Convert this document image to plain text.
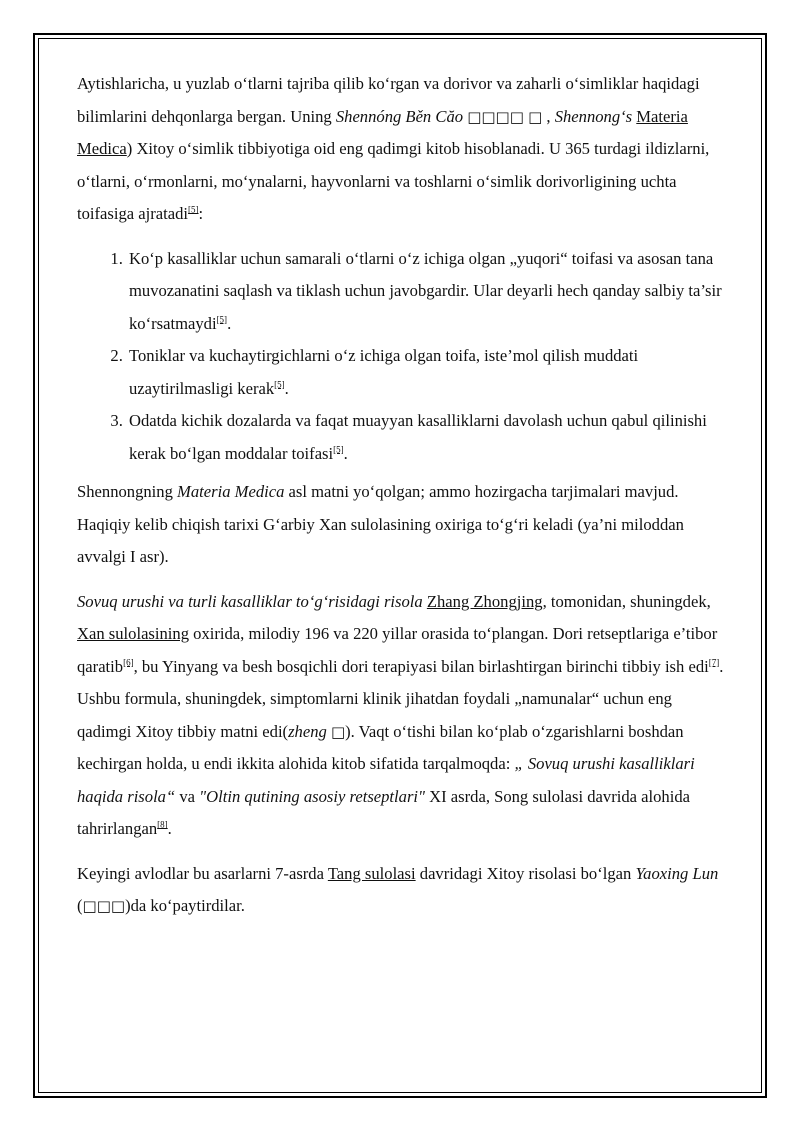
Aytishlaricha, u yuzlab o‘tlarni tajriba qilib ko‘rgan va dorivor va zaharli o‘simliklar haqidagi bilimlarini dehqonlarga bergan. Uning Shennóng Běn Căo □□□□ □ , Shennong‘s Materia Medica) Xitoy o‘simlik tibbiyotiga oid eng qadimgi kitob hisoblanadi. U 365 turdagi ildizlarni, o‘tlarni, o‘rmonlarni, mo‘ynalarni, hayvonlarni va toshlarni o‘simlik dorivorligining uchta toifasiga ajratadi[5]:

1. Ko‘p kasalliklar uchun samarali o‘tlarni o‘z ichiga olgan „yuqori“ toifasi va asosan tana muvozanatini saqlash va tiklash uchun javobgardir. Ular deyarli hech qanday salbiy ta’sir ko‘rsatmaydi[5].
2. Toniklar va kuchaytirgichlarni o‘z ichiga olgan toifa, iste’mol qilish muddati uzaytirilmasligi kerak[5].
3. Odatda kichik dozalarda va faqat muayyan kasalliklarni davolash uchun qabul qilinishi kerak bo‘lgan moddalar toifasi[5].

Shennongning Materia Medica asl matni yo‘qolgan; ammo hozirgacha tarjimalari mavjud. Haqiqiy kelib chiqish tarixi G‘arbiy Xan sulolasining oxiriga to‘g‘ri keladi (ya’ni miloddan avvalgi I asr).

Sovuq urushi va turli kasalliklar to‘g‘risidagi risola Zhang Zhongjing, tomonidan, shuningdek, Xan sulolasining oxirida, milodiy 196 va 220 yillar orasida to‘plangan. Dori retseptlariga e’tibor qaratib[6], bu Yinyang va besh bosqichli dori terapiyasi bilan birlashtirgan birinchi tibbiy ish edi[7]. Ushbu formula, shuningdek, simptomlarni klinik jihatdan foydali „namunalar“ uchun eng qadimgi Xitoy tibbiy matni edi(zheng □). Vaqt o‘tishi bilan ko‘plab o‘zgarishlarni boshdan kechirgan holda, u endi ikkita alohida kitob sifatida tarqalmoqda: „ Sovuq urushi kasalliklari haqida risola“ va "Oltin qutining asosiy retseptlari" XI asrda, Song sulolasi davrida alohida tahrirlangan[8].

Keyingi avlodlar bu asarlarni 7-asrda Tang sulolasi davridagi Xitoy risolasi bo‘lgan Yaoxing Lun (□□□)da ko‘paytirdilar.
